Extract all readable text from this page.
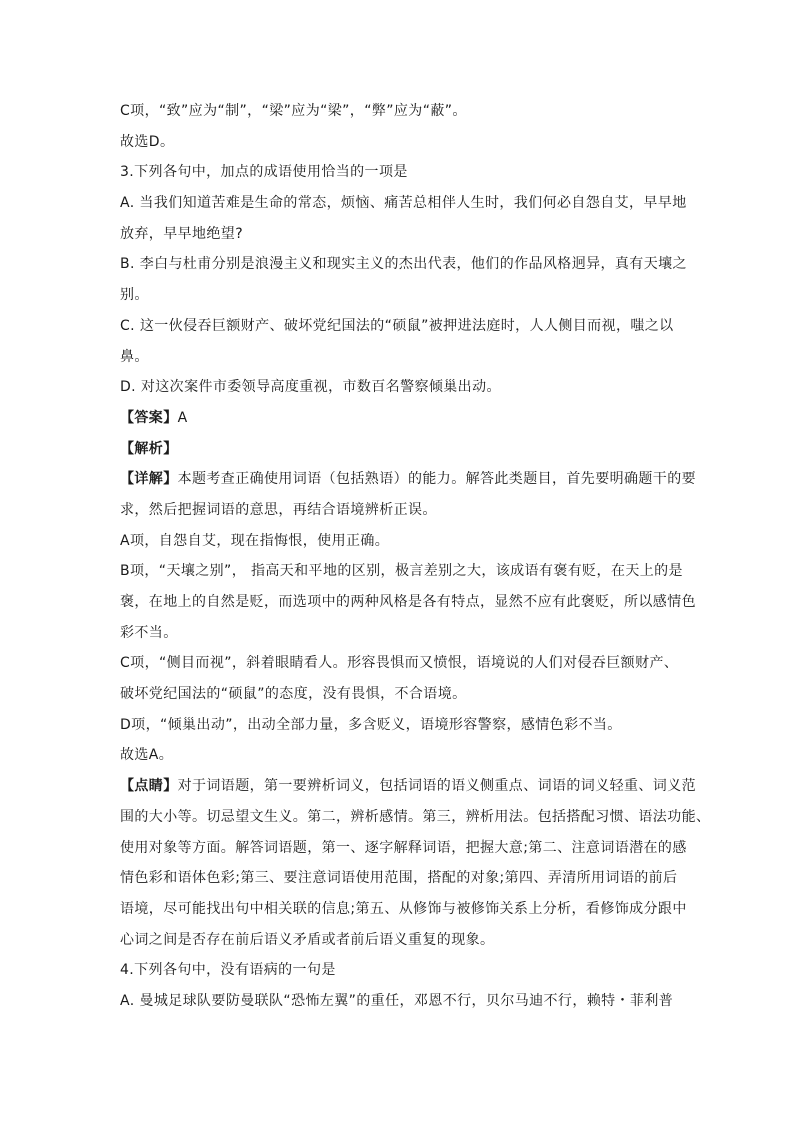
C项，“致”应为“制”，“梁”应为“梁”，“弊”应为“蔽”。
故选D。
3.下列各句中，加点的成语使用恰当的一项是
A. 当我们知道苦难是生命的常态，烦恼、痛苦总相伴人生时，我们何必自怨自艾，早早地
放弃，早早地绝望?
B. 李白与杜甫分别是浪漫主义和现实主义的杰出代表，他们的作品风格迥异，真有天壤之
别。
C. 这一伙侵吞巨额财产、破坏党纪国法的“硕鼠”被押进法庭时，人人侧目而视，嗤之以
鼻。
D. 对这次案件市委领导高度重视，市数百名警察倾巢出动。
【答案】A
【解析】
【详解】本题考查正确使用词语（包括熟语）的能力。解答此类题目，首先要明确题干的要
求，然后把握词语的意思，再结合语境辨析正误。
A项，自怨自艾，现在指悔恨，使用正确。
B项，“天壤之别”， 指高天和平地的区别，极言差别之大，该成语有褒有贬，在天上的是
褒，在地上的自然是贬，而选项中的两种风格是各有特点，显然不应有此褒贬，所以感情色
彩不当。
C项，“侧目而视”，斜着眼睛看人。形容畏惧而又愤恨，语境说的人们对侵吞巨额财产、
破坏党纪国法的“硕鼠”的态度，没有畏惧，不合语境。
D项，“倾巢出动”，出动全部力量，多含贬义，语境形容警察，感情色彩不当。
故选A。
【点睛】对于词语题，第一要辨析词义，包括词语的语义侧重点、词语的词义轻重、词义范
围的大小等。切忌望文生义。第二，辨析感情。第三，辨析用法。包括搭配习惯、语法功能、
使用对象等方面。解答词语题，第一、逐字解释词语，把握大意;第二、注意词语潜在的感
情色彩和语体色彩;第三、要注意词语使用范围，搭配的对象;第四、弄清所用词语的前后
语境，尽可能找出句中相关联的信息;第五、从修饰与被修饰关系上分析，看修饰成分跟中
心词之间是否存在前后语义矛盾或者前后语义重复的现象。
4.下列各句中，没有语病的一句是
A. 曼城足球队要防曼联队“恐怖左翼”的重任，邓恩不行，贝尔马迪不行，赖特・菲利普
